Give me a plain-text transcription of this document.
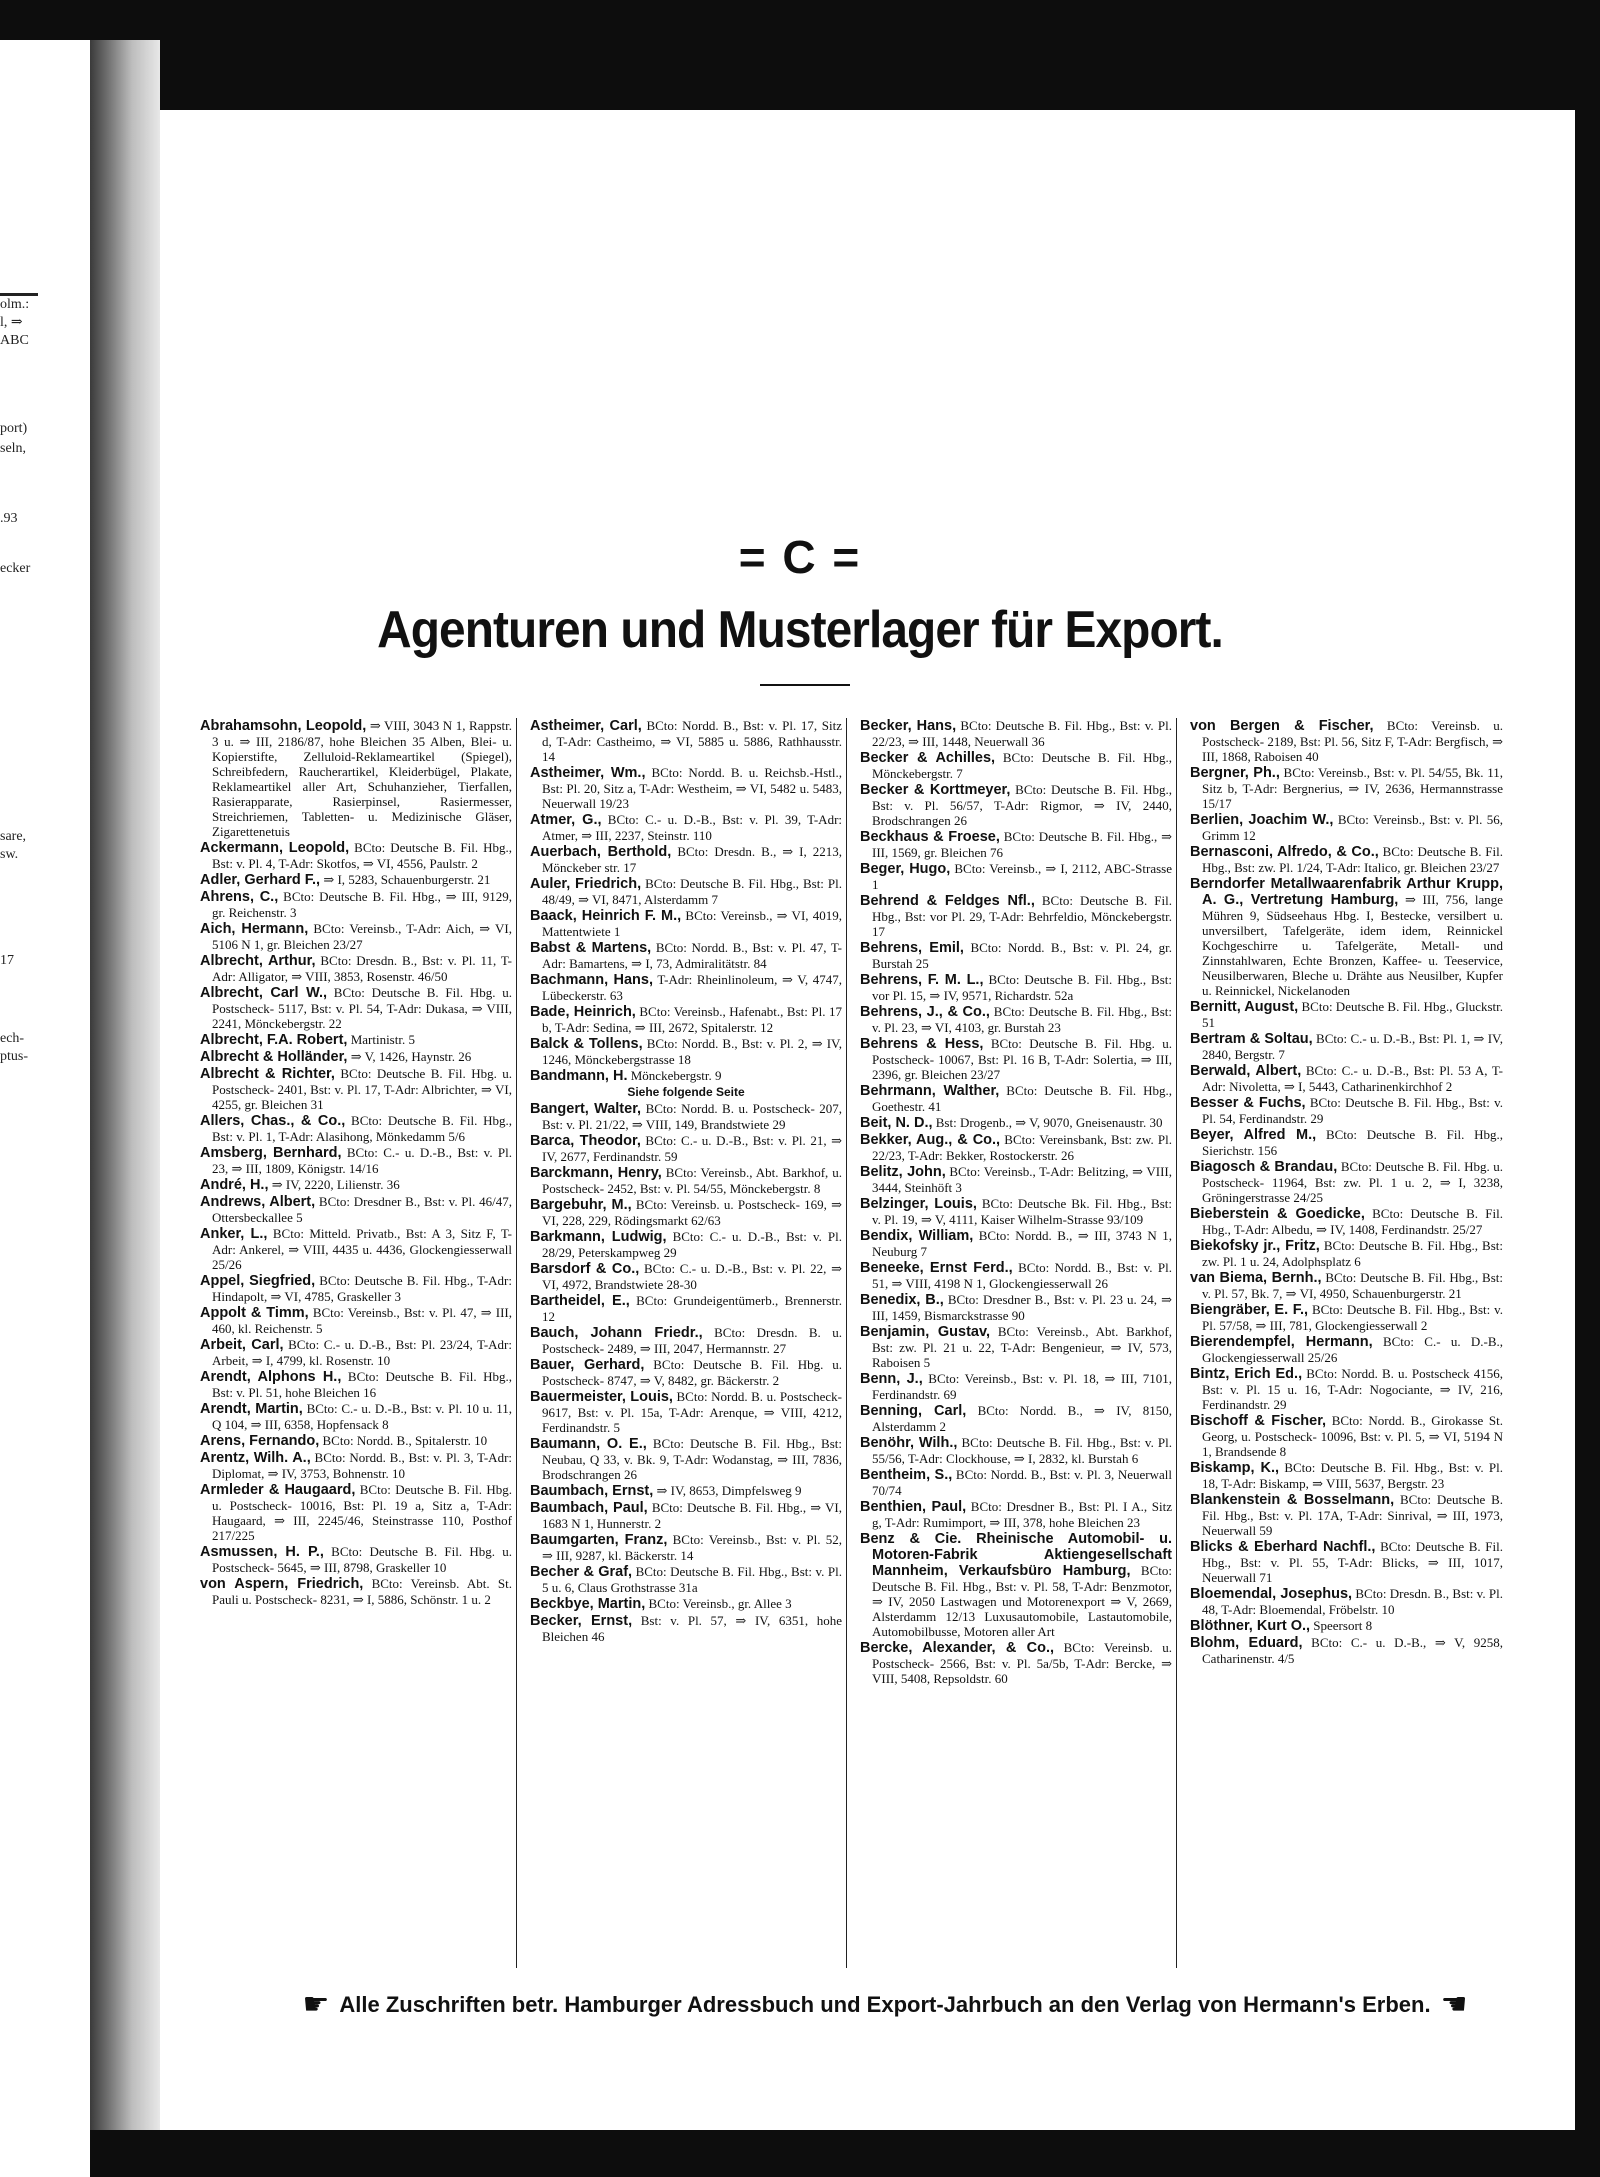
olm.:
l, ⇒
ABC
port)
seln,
.93
ecker
sare,
sw.
17
ech-
ptus-
= C =
Agenturen und Musterlager für Export.

Abrahamsohn, Leopold, ⇒ VIII, 3043 N 1, Rappstr. 3 u. ⇒ III, 2186/87, hohe Bleichen 35 Alben, Blei- u. Kopierstifte, Zelluloid-Reklameartikel (Spiegel), Schreibfedern, Raucherartikel, Kleiderbügel, Plakate, Reklameartikel aller Art, Schuhanzieher, Tierfallen, Rasierapparate, Rasierpinsel, Rasiermesser, Streichriemen, Tabletten- u. Medizinische Gläser, Zigarettenetuis

Ackermann, Leopold, BCto: Deutsche B. Fil. Hbg., Bst: v. Pl. 4, T-Adr: Skotfos, ⇒ VI, 4556, Paulstr. 2

Adler, Gerhard F., ⇒ I, 5283, Schauenburgerstr. 21

Ahrens, C., BCto: Deutsche B. Fil. Hbg., ⇒ III, 9129, gr. Reichenstr. 3

Aich, Hermann, BCto: Vereinsb., T-Adr: Aich, ⇒ VI, 5106 N 1, gr. Bleichen 23/27

Albrecht, Arthur, BCto: Dresdn. B., Bst: v. Pl. 11, T-Adr: Alligator, ⇒ VIII, 3853, Rosenstr. 46/50

Albrecht, Carl W., BCto: Deutsche B. Fil. Hbg. u. Postscheck- 5117, Bst: v. Pl. 54, T-Adr: Dukasa, ⇒ VIII, 2241, Mönckebergstr. 22

Albrecht, F.A. Robert, Martinistr. 5

Albrecht & Holländer, ⇒ V, 1426, Haynstr. 26

Albrecht & Richter, BCto: Deutsche B. Fil. Hbg. u. Postscheck- 2401, Bst: v. Pl. 17, T-Adr: Albrichter, ⇒ VI, 4255, gr. Bleichen 31

Allers, Chas., & Co., BCto: Deutsche B. Fil. Hbg., Bst: v. Pl. 1, T-Adr: Alasihong, Mönkedamm 5/6

Amsberg, Bernhard, BCto: C.- u. D.-B., Bst: v. Pl. 23, ⇒ III, 1809, Königstr. 14/16

André, H., ⇒ IV, 2220, Lilienstr. 36

Andrews, Albert, BCto: Dresdner B., Bst: v. Pl. 46/47, Ottersbeckallee 5

Anker, L., BCto: Mitteld. Privatb., Bst: A 3, Sitz F, T-Adr: Ankerel, ⇒ VIII, 4435 u. 4436, Glockengiesserwall 25/26

Appel, Siegfried, BCto: Deutsche B. Fil. Hbg., T-Adr: Hindapolt, ⇒ VI, 4785, Graskeller 3

Appolt & Timm, BCto: Vereinsb., Bst: v. Pl. 47, ⇒ III, 460, kl. Reichenstr. 5

Arbeit, Carl, BCto: C.- u. D.-B., Bst: Pl. 23/24, T-Adr: Arbeit, ⇒ I, 4799, kl. Rosenstr. 10

Arendt, Alphons H., BCto: Deutsche B. Fil. Hbg., Bst: v. Pl. 51, hohe Bleichen 16

Arendt, Martin, BCto: C.- u. D.-B., Bst: v. Pl. 10 u. 11, Q 104, ⇒ III, 6358, Hopfensack 8

Arens, Fernando, BCto: Nordd. B., Spitalerstr. 10

Arentz, Wilh. A., BCto: Nordd. B., Bst: v. Pl. 3, T-Adr: Diplomat, ⇒ IV, 3753, Bohnenstr. 10

Armleder & Haugaard, BCto: Deutsche B. Fil. Hbg. u. Postscheck- 10016, Bst: Pl. 19 a, Sitz a, T-Adr: Haugaard, ⇒ III, 2245/46, Steinstrasse 110, Posthof 217/225

Asmussen, H. P., BCto: Deutsche B. Fil. Hbg. u. Postscheck- 5645, ⇒ III, 8798, Graskeller 10

von Aspern, Friedrich, BCto: Vereinsb. Abt. St. Pauli u. Postscheck- 8231, ⇒ I, 5886, Schönstr. 1 u. 2

Astheimer, Carl, BCto: Nordd. B., Bst: v. Pl. 17, Sitz d, T-Adr: Castheimo, ⇒ VI, 5885 u. 5886, Rathhausstr. 14

Astheimer, Wm., BCto: Nordd. B. u. Reichsb.-Hstl., Bst: Pl. 20, Sitz a, T-Adr: Westheim, ⇒ VI, 5482 u. 5483, Neuerwall 19/23

Atmer, G., BCto: C.- u. D.-B., Bst: v. Pl. 39, T-Adr: Atmer, ⇒ III, 2237, Steinstr. 110

Auerbach, Berthold, BCto: Dresdn. B., ⇒ I, 2213, Mönckeber str. 17

Auler, Friedrich, BCto: Deutsche B. Fil. Hbg., Bst: Pl. 48/49, ⇒ VI, 8471, Alsterdamm 7

Baack, Heinrich F. M., BCto: Vereinsb., ⇒ VI, 4019, Mattentwiete 1

Babst & Martens, BCto: Nordd. B., Bst: v. Pl. 47, T-Adr: Bamartens, ⇒ I, 73, Admiralitätstr. 84

Bachmann, Hans, T-Adr: Rheinlinoleum, ⇒ V, 4747, Lübeckerstr. 63

Bade, Heinrich, BCto: Vereinsb., Hafenabt., Bst: Pl. 17 b, T-Adr: Sedina, ⇒ III, 2672, Spitalerstr. 12

Balck & Tollens, BCto: Nordd. B., Bst: v. Pl. 2, ⇒ IV, 1246, Mönckebergstrasse 18

Bandmann, H. Mönckebergstr. 9

Siehe folgende Seite

Bangert, Walter, BCto: Nordd. B. u. Postscheck- 207, Bst: v. Pl. 21/22, ⇒ VIII, 149, Brandstwiete 29

Barca, Theodor, BCto: C.- u. D.-B., Bst: v. Pl. 21, ⇒ IV, 2677, Ferdinandstr. 59

Barckmann, Henry, BCto: Vereinsb., Abt. Barkhof, u. Postscheck- 2452, Bst: v. Pl. 54/55, Mönckebergstr. 8

Bargebuhr, M., BCto: Vereinsb. u. Postscheck- 169, ⇒ VI, 228, 229, Rödingsmarkt 62/63

Barkmann, Ludwig, BCto: C.- u. D.-B., Bst: v. Pl. 28/29, Peterskampweg 29

Barsdorf & Co., BCto: C.- u. D.-B., Bst: v. Pl. 22, ⇒ VI, 4972, Brandstwiete 28-30

Bartheidel, E., BCto: Grundeigentümerb., Brennerstr. 12

Bauch, Johann Friedr., BCto: Dresdn. B. u. Postscheck- 2489, ⇒ III, 2047, Hermannstr. 27

Bauer, Gerhard, BCto: Deutsche B. Fil. Hbg. u. Postscheck- 8747, ⇒ V, 8482, gr. Bäckerstr. 2

Bauermeister, Louis, BCto: Nordd. B. u. Postscheck- 9617, Bst: v. Pl. 15a, T-Adr: Arenque, ⇒ VIII, 4212, Ferdinandstr. 5

Baumann, O. E., BCto: Deutsche B. Fil. Hbg., Bst: Neubau, Q 33, v. Bk. 9, T-Adr: Wodanstag, ⇒ III, 7836, Brodschrangen 26

Baumbach, Ernst, ⇒ IV, 8653, Dimpfelsweg 9

Baumbach, Paul, BCto: Deutsche B. Fil. Hbg., ⇒ VI, 1683 N 1, Hunnerstr. 2

Baumgarten, Franz, BCto: Vereinsb., Bst: v. Pl. 52, ⇒ III, 9287, kl. Bäckerstr. 14

Becher & Graf, BCto: Deutsche B. Fil. Hbg., Bst: v. Pl. 5 u. 6, Claus Grothstrasse 31a

Beckbye, Martin, BCto: Vereinsb., gr. Allee 3

Becker, Ernst, Bst: v. Pl. 57, ⇒ IV, 6351, hohe Bleichen 46

Becker, Hans, BCto: Deutsche B. Fil. Hbg., Bst: v. Pl. 22/23, ⇒ III, 1448, Neuerwall 36

Becker & Achilles, BCto: Deutsche B. Fil. Hbg., Mönckebergstr. 7

Becker & Korttmeyer, BCto: Deutsche B. Fil. Hbg., Bst: v. Pl. 56/57, T-Adr: Rigmor, ⇒ IV, 2440, Brodschrangen 26

Beckhaus & Froese, BCto: Deutsche B. Fil. Hbg., ⇒ III, 1569, gr. Bleichen 76

Beger, Hugo, BCto: Vereinsb., ⇒ I, 2112, ABC-Strasse 1

Behrend & Feldges Nfl., BCto: Deutsche B. Fil. Hbg., Bst: vor Pl. 29, T-Adr: Behrfeldio, Mönckebergstr. 17

Behrens, Emil, BCto: Nordd. B., Bst: v. Pl. 24, gr. Burstah 25

Behrens, F. M. L., BCto: Deutsche B. Fil. Hbg., Bst: vor Pl. 15, ⇒ IV, 9571, Richardstr. 52a

Behrens, J., & Co., BCto: Deutsche B. Fil. Hbg., Bst: v. Pl. 23, ⇒ VI, 4103, gr. Burstah 23

Behrens & Hess, BCto: Deutsche B. Fil. Hbg. u. Postscheck- 10067, Bst: Pl. 16 B, T-Adr: Solertia, ⇒ III, 2396, gr. Bleichen 23/27

Behrmann, Walther, BCto: Deutsche B. Fil. Hbg., Goethestr. 41

Beit, N. D., Bst: Drogenb., ⇒ V, 9070, Gneisenaustr. 30

Bekker, Aug., & Co., BCto: Vereinsbank, Bst: zw. Pl. 22/23, T-Adr: Bekker, Rostockerstr. 26

Belitz, John, BCto: Vereinsb., T-Adr: Belitzing, ⇒ VIII, 3444, Steinhöft 3

Belzinger, Louis, BCto: Deutsche Bk. Fil. Hbg., Bst: v. Pl. 19, ⇒ V, 4111, Kaiser Wilhelm-Strasse 93/109

Bendix, William, BCto: Nordd. B., ⇒ III, 3743 N 1, Neuburg 7

Beneeke, Ernst Ferd., BCto: Nordd. B., Bst: v. Pl. 51, ⇒ VIII, 4198 N 1, Glockengiesserwall 26

Benedix, B., BCto: Dresdner B., Bst: v. Pl. 23 u. 24, ⇒ III, 1459, Bismarckstrasse 90

Benjamin, Gustav, BCto: Vereinsb., Abt. Barkhof, Bst: zw. Pl. 21 u. 22, T-Adr: Bengenieur, ⇒ IV, 573, Raboisen 5

Benn, J., BCto: Vereinsb., Bst: v. Pl. 18, ⇒ III, 7101, Ferdinandstr. 69

Benning, Carl, BCto: Nordd. B., ⇒ IV, 8150, Alsterdamm 2

Benöhr, Wilh., BCto: Deutsche B. Fil. Hbg., Bst: v. Pl. 55/56, T-Adr: Clockhouse, ⇒ I, 2832, kl. Burstah 6

Bentheim, S., BCto: Nordd. B., Bst: v. Pl. 3, Neuerwall 70/74

Benthien, Paul, BCto: Dresdner B., Bst: Pl. I A., Sitz g, T-Adr: Rumimport, ⇒ III, 378, hohe Bleichen 23

Benz & Cie. Rheinische Automobil- u. Motoren-Fabrik Aktiengesellschaft Mannheim, Verkaufsbüro Hamburg, BCto: Deutsche B. Fil. Hbg., Bst: v. Pl. 58, T-Adr: Benzmotor, ⇒ IV, 2050 Lastwagen und Motorenexport ⇒ V, 2669, Alsterdamm 12/13 Luxusautomobile, Lastautomobile, Automobilbusse, Motoren aller Art

Bercke, Alexander, & Co., BCto: Vereinsb. u. Postscheck- 2566, Bst: v. Pl. 5a/5b, T-Adr: Bercke, ⇒ VIII, 5408, Repsoldstr. 60

von Bergen & Fischer, BCto: Vereinsb. u. Postscheck- 2189, Bst: Pl. 56, Sitz F, T-Adr: Bergfisch, ⇒ III, 1868, Raboisen 40

Bergner, Ph., BCto: Vereinsb., Bst: v. Pl. 54/55, Bk. 11, Sitz b, T-Adr: Bergnerius, ⇒ IV, 2636, Hermannstrasse 15/17

Berlien, Joachim W., BCto: Vereinsb., Bst: v. Pl. 56, Grimm 12

Bernasconi, Alfredo, & Co., BCto: Deutsche B. Fil. Hbg., Bst: zw. Pl. 1/24, T-Adr: Italico, gr. Bleichen 23/27

Berndorfer Metallwaarenfabrik Arthur Krupp, A. G., Vertretung Hamburg, ⇒ III, 756, lange Mühren 9, Südseehaus Hbg. I, Bestecke, versilbert u. unversilbert, Tafelgeräte, idem idem, Reinnickel Kochgeschirre u. Tafelgeräte, Metall- und Zinnstahlwaren, Echte Bronzen, Kaffee- u. Teeservice, Neusilberwaren, Bleche u. Drähte aus Neusilber, Kupfer u. Reinnickel, Nickelanoden

Bernitt, August, BCto: Deutsche B. Fil. Hbg., Gluckstr. 51

Bertram & Soltau, BCto: C.- u. D.-B., Bst: Pl. 1, ⇒ IV, 2840, Bergstr. 7

Berwald, Albert, BCto: C.- u. D.-B., Bst: Pl. 53 A, T-Adr: Nivoletta, ⇒ I, 5443, Catharinenkirchhof 2

Besser & Fuchs, BCto: Deutsche B. Fil. Hbg., Bst: v. Pl. 54, Ferdinandstr. 29

Beyer, Alfred M., BCto: Deutsche B. Fil. Hbg., Sierichstr. 156

Biagosch & Brandau, BCto: Deutsche B. Fil. Hbg. u. Postscheck- 11964, Bst: zw. Pl. 1 u. 2, ⇒ I, 3238, Gröningerstrasse 24/25

Bieberstein & Goedicke, BCto: Deutsche B. Fil. Hbg., T-Adr: Albedu, ⇒ IV, 1408, Ferdinandstr. 25/27

Biekofsky jr., Fritz, BCto: Deutsche B. Fil. Hbg., Bst: zw. Pl. 1 u. 24, Adolphsplatz 6

van Biema, Bernh., BCto: Deutsche B. Fil. Hbg., Bst: v. Pl. 57, Bk. 7, ⇒ VI, 4950, Schauenburgerstr. 21

Biengräber, E. F., BCto: Deutsche B. Fil. Hbg., Bst: v. Pl. 57/58, ⇒ III, 781, Glockengiesserwall 2

Bierendempfel, Hermann, BCto: C.- u. D.-B., Glockengiesserwall 25/26

Bintz, Erich Ed., BCto: Nordd. B. u. Postscheck 4156, Bst: v. Pl. 15 u. 16, T-Adr: Nogociante, ⇒ IV, 216, Ferdinandstr. 29

Bischoff & Fischer, BCto: Nordd. B., Girokasse St. Georg, u. Postscheck- 10096, Bst: v. Pl. 5, ⇒ VI, 5194 N 1, Brandsende 8

Biskamp, K., BCto: Deutsche B. Fil. Hbg., Bst: v. Pl. 18, T-Adr: Biskamp, ⇒ VIII, 5637, Bergstr. 23

Blankenstein & Bosselmann, BCto: Deutsche B. Fil. Hbg., Bst: v. Pl. 17A, T-Adr: Sinrival, ⇒ III, 1973, Neuerwall 59

Blicks & Eberhard Nachfl., BCto: Deutsche B. Fil. Hbg., Bst: v. Pl. 55, T-Adr: Blicks, ⇒ III, 1017, Neuerwall 71

Bloemendal, Josephus, BCto: Dresdn. B., Bst: v. Pl. 48, T-Adr: Bloemendal, Fröbelstr. 10

Blöthner, Kurt O., Speersort 8

Blohm, Eduard, BCto: C.- u. D.-B., ⇒ V, 9258, Catharinenstr. 4/5

☛ Alle Zuschriften betr. Hamburger Adressbuch und Export-Jahrbuch an den Verlag von Hermann's Erben. ☚
